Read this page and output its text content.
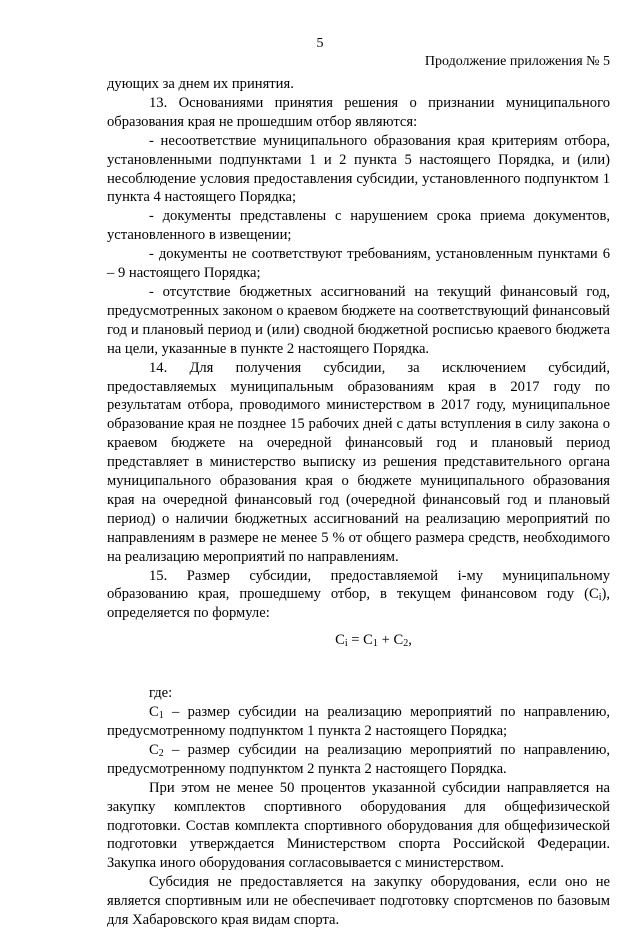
5
Продолжение приложения № 5

дующих за днем их принятия.

13. Основаниями принятия решения о признании муниципального образования края не прошедшим отбор являются:

- несоответствие муниципального образования края критериям отбора, установленными подпунктами 1 и 2 пункта 5 настоящего Порядка, и (или) несоблюдение условия предоставления субсидии, установленного подпунктом 1 пункта 4 настоящего Порядка;

- документы представлены с нарушением срока приема документов, установленного в извещении;

- документы не соответствуют требованиям, установленным пунктами 6 – 9 настоящего Порядка;

- отсутствие бюджетных ассигнований на текущий финансовый год, предусмотренных законом о краевом бюджете на соответствующий финансовый год и плановый период и (или) сводной бюджетной росписью краевого бюджета на цели, указанные в пункте 2 настоящего Порядка.

14. Для получения субсидии, за исключением субсидий, предоставляемых муниципальным образованиям края в 2017 году по результатам отбора, проводимого министерством в 2017 году, муниципальное образование края не позднее 15 рабочих дней с даты вступления в силу закона о краевом бюджете на очередной финансовый год и плановый период представляет в министерство выписку из решения представительного органа муниципального образования края о бюджете муниципального образования края на очередной финансовый год (очередной финансовый год и плановый период) о наличии бюджетных ассигнований на реализацию мероприятий по направлениям в размере не менее 5 % от общего размера средств, необходимого на реализацию мероприятий по направлениям.

15. Размер субсидии, предоставляемой i-му муниципальному образованию края, прошедшему отбор, в текущем финансовом году $(C_i)$, определяется по формуле:

$C_i = C_1 + C_2$,

где:

$C_1$ – размер субсидии на реализацию мероприятий по направлению, предусмотренному подпунктом 1 пункта 2 настоящего Порядка;

$C_2$ – размер субсидии на реализацию мероприятий по направлению, предусмотренному подпунктом 2 пункта 2 настоящего Порядка.

При этом не менее 50 процентов указанной субсидии направляется на закупку комплектов спортивного оборудования для общефизической подготовки. Состав комплекта спортивного оборудования для общефизической подготовки утверждается Министерством спорта Российской Федерации. Закупка иного оборудования согласовывается с министерством.

Субсидия не предоставляется на закупку оборудования, если оно не является спортивным или не обеспечивает подготовку спортсменов по базовым для Хабаровского края видам спорта.
